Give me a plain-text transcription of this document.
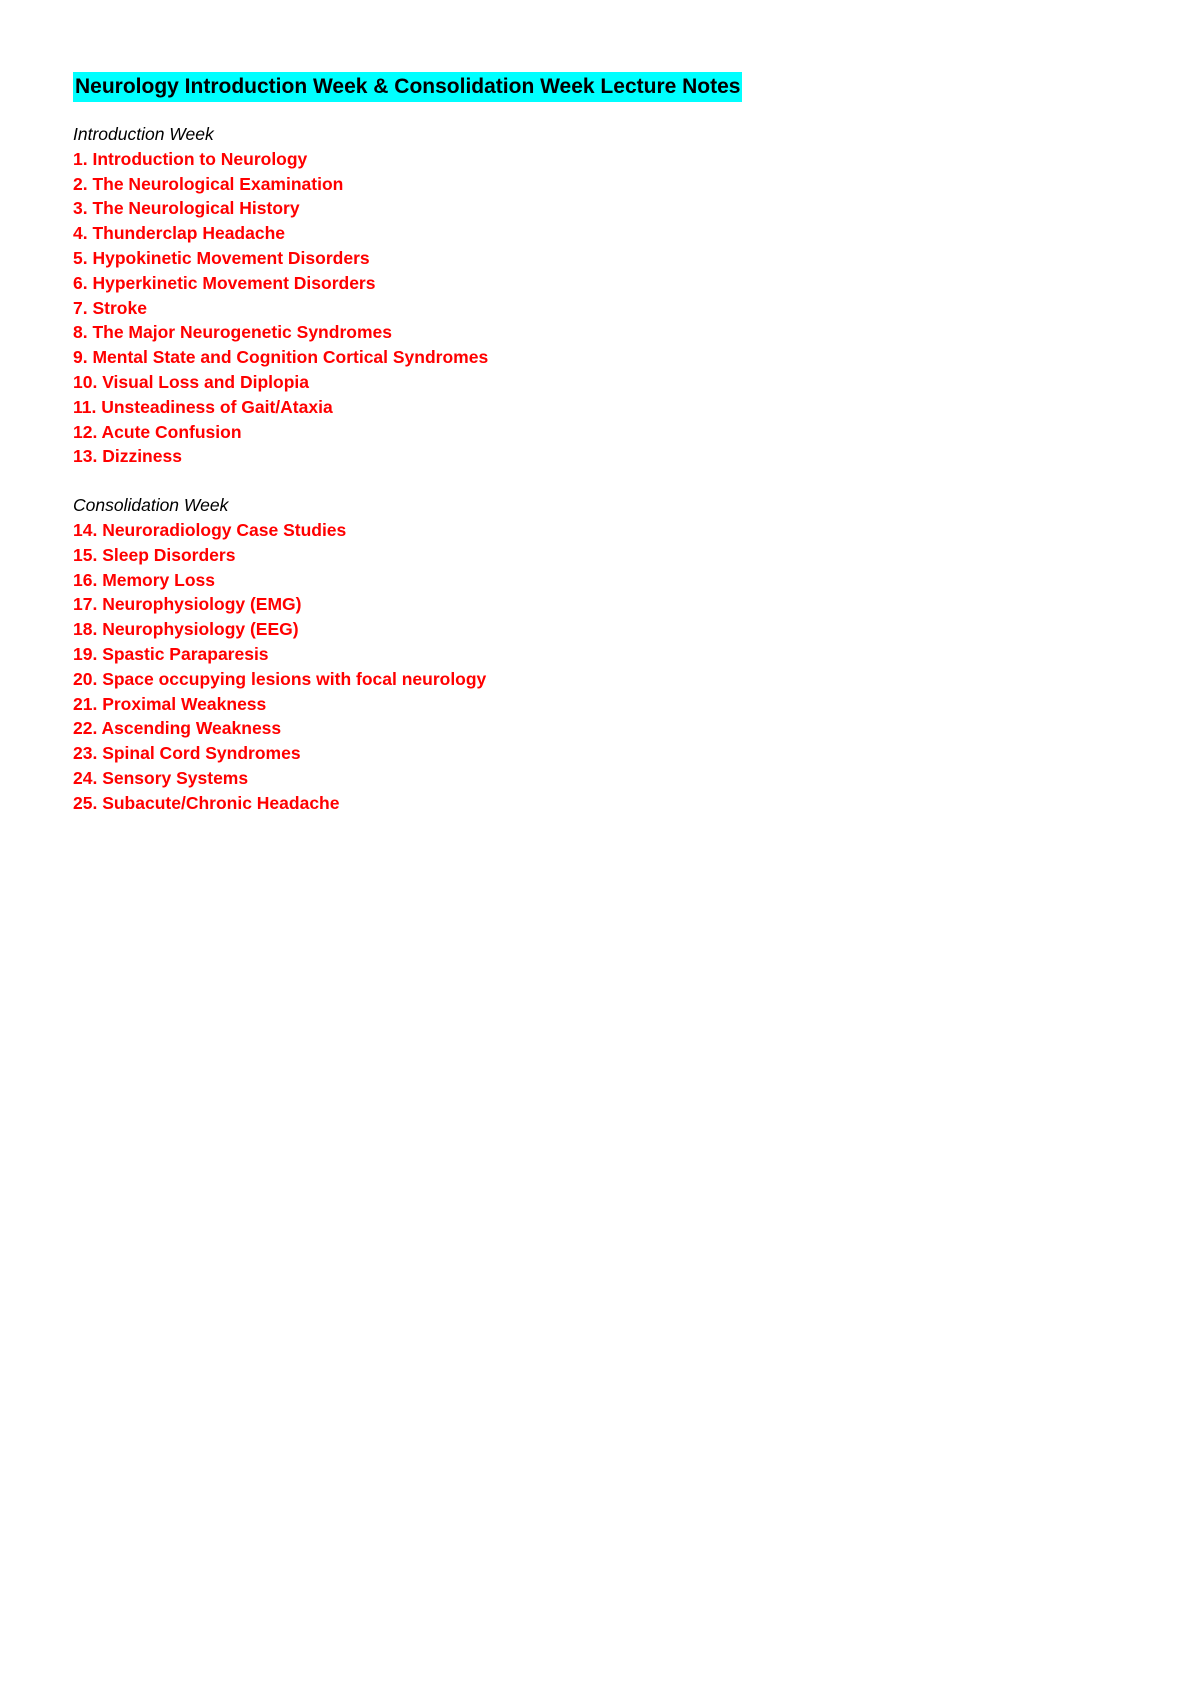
Neurology Introduction Week & Consolidation Week Lecture Notes
Introduction Week
1. Introduction to Neurology
2. The Neurological Examination
3. The Neurological History
4. Thunderclap Headache
5. Hypokinetic Movement Disorders
6. Hyperkinetic Movement Disorders
7. Stroke
8. The Major Neurogenetic Syndromes
9. Mental State and Cognition Cortical Syndromes
10. Visual Loss and Diplopia
11. Unsteadiness of Gait/Ataxia
12. Acute Confusion
13. Dizziness
Consolidation Week
14. Neuroradiology Case Studies
15. Sleep Disorders
16. Memory Loss
17. Neurophysiology (EMG)
18. Neurophysiology (EEG)
19. Spastic Paraparesis
20. Space occupying lesions with focal neurology
21. Proximal Weakness
22. Ascending Weakness
23. Spinal Cord Syndromes
24. Sensory Systems
25. Subacute/Chronic Headache
